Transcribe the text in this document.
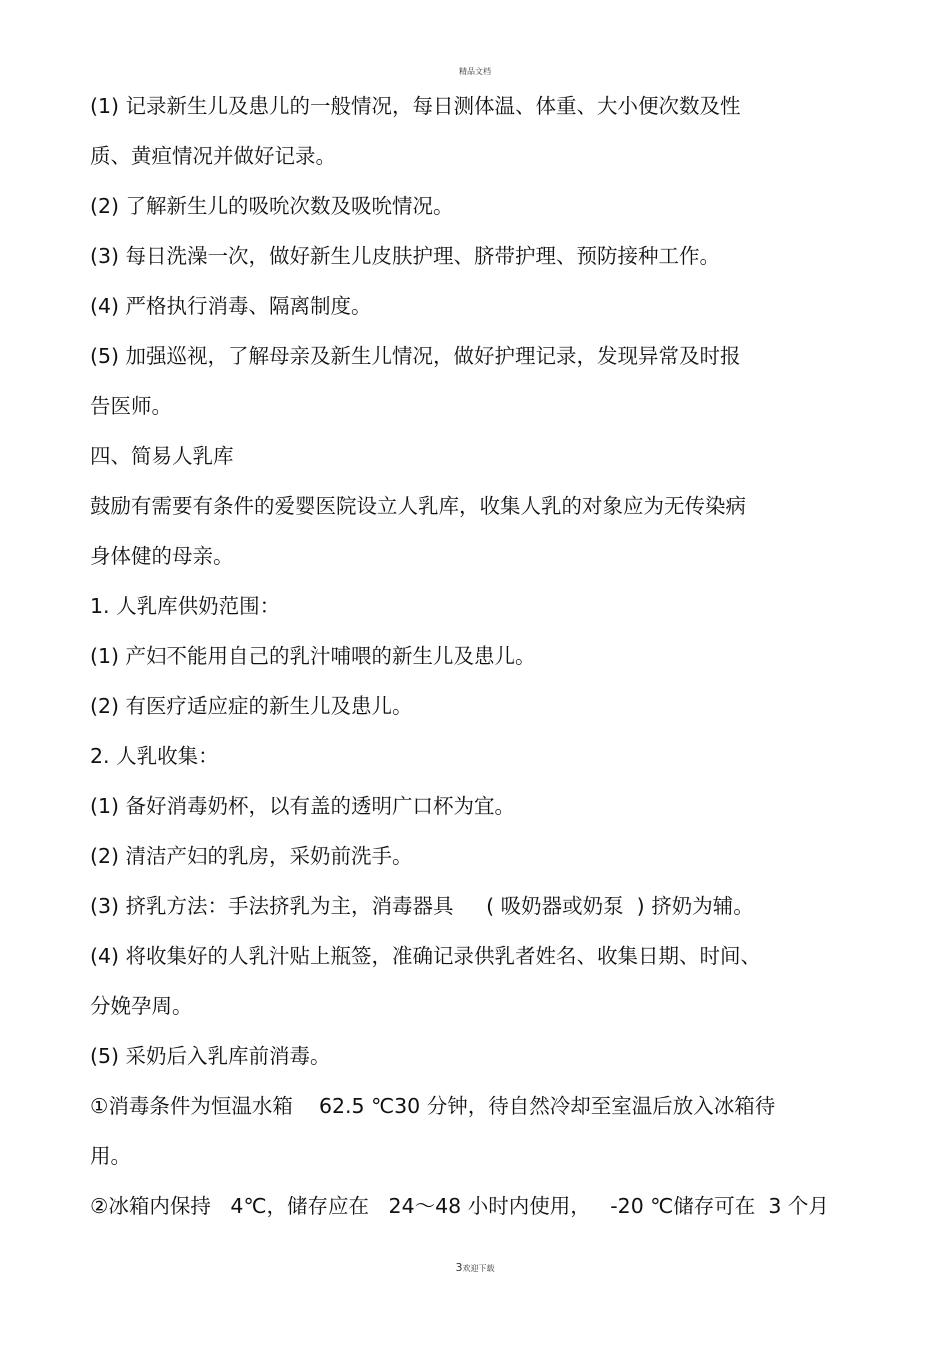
精品文档
(1) 记录新生儿及患儿的一般情况，每日测体温、体重、大小便次数及性
质、黄疸情况并做好记录。
(2) 了解新生儿的吸吮次数及吸吮情况。
(3) 每日洗澡一次，做好新生儿皮肤护理、脐带护理、预防接种工作。
(4) 严格执行消毒、隔离制度。
(5) 加强巡视，了解母亲及新生儿情况，做好护理记录，发现异常及时报
告医师。
四、简易人乳库
鼓励有需要有条件的爱婴医院设立人乳库，收集人乳的对象应为无传染病
身体健的母亲。
1. 人乳库供奶范围：
(1) 产妇不能用自己的乳汁哺喂的新生儿及患儿。
(2) 有医疗适应症的新生儿及患儿。
2. 人乳收集：
(1) 备好消毒奶杯，以有盖的透明广口杯为宜。
(2) 清洁产妇的乳房，采奶前洗手。
(3) 挤乳方法：手法挤乳为主，消毒器具     ( 吸奶器或奶泵  ) 挤奶为辅。
(4) 将收集好的人乳汁贴上瓶签，准确记录供乳者姓名、收集日期、时间、
分娩孕周。
(5) 采奶后入乳库前消毒。
①消毒条件为恒温水箱    62.5 ℃30 分钟，待自然冷却至室温后放入冰箱待
用。
②冰箱内保持   4℃，储存应在   24～48 小时内使用，   -20 ℃储存可在  3 个月
3欢迎下载
